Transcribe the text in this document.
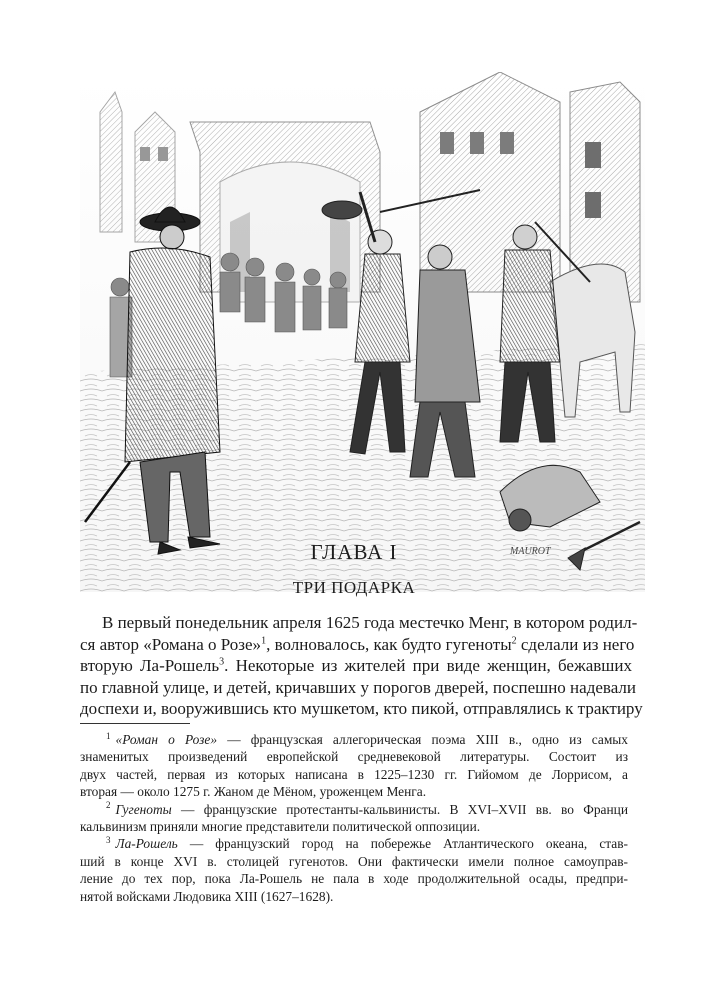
MAUROT
ГЛАВА I
ТРИ ПОДАРКА
В первый понедельник апреля 1625 года местечко Менг, в котором родил-
ся автор «Романа о Розе»$^1$, волновалось, как будто гугеноты$^2$ сделали из него
вторую Ла-Рошель$^3$. Некоторые из жителей при виде женщин, бежавших
по главной улице, и детей, кричавших у порогов дверей, поспешно надевали
доспехи и, вооружившись кто мушкетом, кто пикой, отправлялись к трактиру
$^1$ «Роман о Розе» — французская аллегорическая поэма XIII в., одно из самых
знаменитых произведений европейской средневековой литературы. Состоит из
двух частей, первая из которых написана в 1225–1230 гг. Гийомом де Лоррисом, а
вторая — около 1275 г. Жаном де Мёном, уроженцем Менга.
$^2$ Гугеноты — французские протестанты-кальвинисты. В XVI–XVII вв. во Франци
кальвинизм приняли многие представители политической оппозиции.
$^3$ Ла-Рошель — французский город на побережье Атлантического океана, став-
ший в конце XVI в. столицей гугенотов. Они фактически имели полное самоуправ-
ление до тех пор, пока Ла-Рошель не пала в ходе продолжительной осады, предпри-
нятой войсками Людовика XIII (1627–1628).
